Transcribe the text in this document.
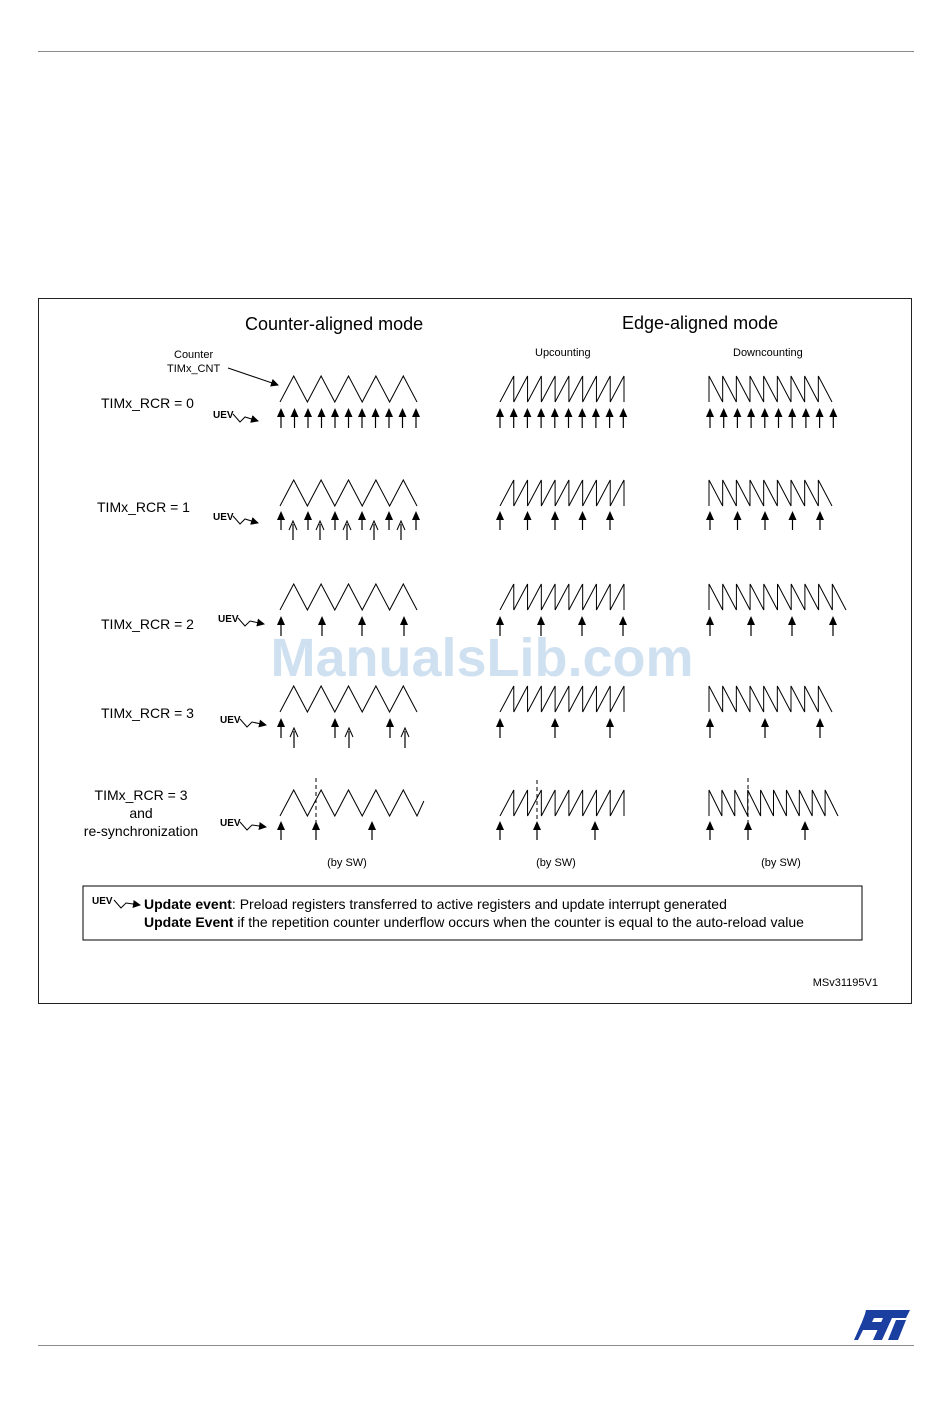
Counter-aligned mode	Edge-aligned mode
Upcounting	Downcounting
Counter
TIMx_CNT
TIMx_RCR = 0
TIMx_RCR = 1
TIMx_RCR = 2
TIMx_RCR = 3
TIMx_RCR = 3
and
re-synchronization
UEV
UEV
UEV
UEV
UEV
(by SW)	(by SW)	(by SW)
UEV Update event: Preload registers transferred to active registers and update interrupt generated
Update Event if the repetition counter underflow occurs when the counter is equal to the auto-reload value
MSv31195V1
ManualsLib.com
